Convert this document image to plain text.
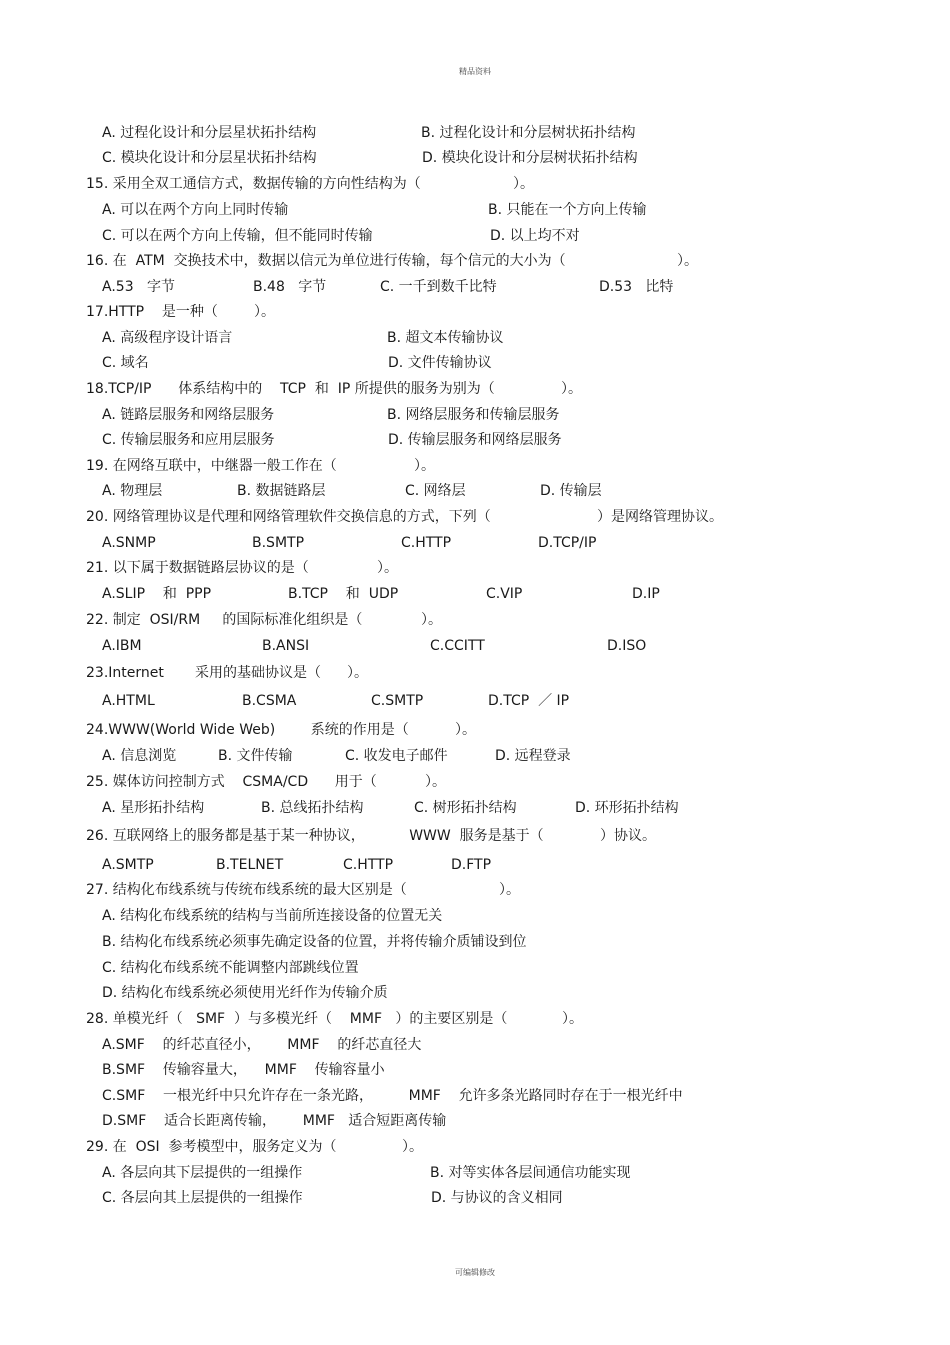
精品资料
A. 过程化设计和分层星状拓扑结构	B. 过程化设计和分层树状拓扑结构
C. 模块化设计和分层星状拓扑结构	D. 模块化设计和分层树状拓扑结构
15. 采用全双工通信方式，数据传输的方向性结构为（	）。
A. 可以在两个方向上同时传输	B. 只能在一个方向上传输
C. 可以在两个方向上传输，但不能同时传输	D. 以上均不对
16. 在  ATM  交换技术中，数据以信元为单位进行传输，每个信元的大小为（	）。
A.53   字节	B.48   字节	C. 一千到数千比特	D.53   比特
17.HTTP    是一种（	）。
A. 高级程序设计语言	B. 超文本传输协议
C. 域名	D. 文件传输协议
18.TCP/IP      体系结构中的    TCP  和  IP 所提供的服务为别为（	）。
A. 链路层服务和网络层服务	B. 网络层服务和传输层服务
C. 传输层服务和应用层服务	D. 传输层服务和网络层服务
19. 在网络互联中，中继器一般工作在（	）。
A. 物理层	B. 数据链路层	C. 网络层	D. 传输层
20. 网络管理协议是代理和网络管理软件交换信息的方式，下列（	）是网络管理协议。
A.SNMP	B.SMTP	C.HTTP	D.TCP/IP
21. 以下属于数据链路层协议的是（	）。
A.SLIP    和  PPP	B.TCP    和  UDP	C.VIP	D.IP
22. 制定  OSI/RM     的国际标准化组织是（	）。
A.IBM	B.ANSI	C.CCITT	D.ISO
23.Internet       采用的基础协议是（ ）。
A.HTML	B.CSMA	C.SMTP	D.TCP  ／ IP
24.WWW(World Wide Web)        系统的作用是（	）。
A. 信息浏览	B. 文件传输	C. 收发电子邮件	D. 远程登录
25. 媒体访问控制方式    CSMA/CD      用于（	）。
A. 星形拓扑结构	B. 总线拓扑结构	C. 树形拓扑结构	D. 环形拓扑结构
26. 互联网络上的服务都是基于某一种协议，          WWW  服务是基于（	）协议。
A.SMTP	B.TELNET	C.HTTP	D.FTP
27. 结构化布线系统与传统布线系统的最大区别是（	）。
A. 结构化布线系统的结构与当前所连接设备的位置无关
B. 结构化布线系统必须事先确定设备的位置，并将传输介质铺设到位
C. 结构化布线系统不能调整内部跳线位置
D. 结构化布线系统必须使用光纤作为传输介质
28. 单模光纤（   SMF  ）与多模光纤（    MMF   ）的主要区别是（	）。
A.SMF    的纤芯直径小，      MMF    的纤芯直径大
B.SMF    传输容量大，    MMF    传输容量小
C.SMF    一根光纤中只允许存在一条光路，        MMF    允许多条光路同时存在于一根光纤中
D.SMF    适合长距离传输，      MMF   适合短距离传输
29. 在  OSI  参考模型中，服务定义为（	）。
A. 各层向其下层提供的一组操作	B. 对等实体各层间通信功能实现
C. 各层向其上层提供的一组操作	D. 与协议的含义相同
可编辑修改
